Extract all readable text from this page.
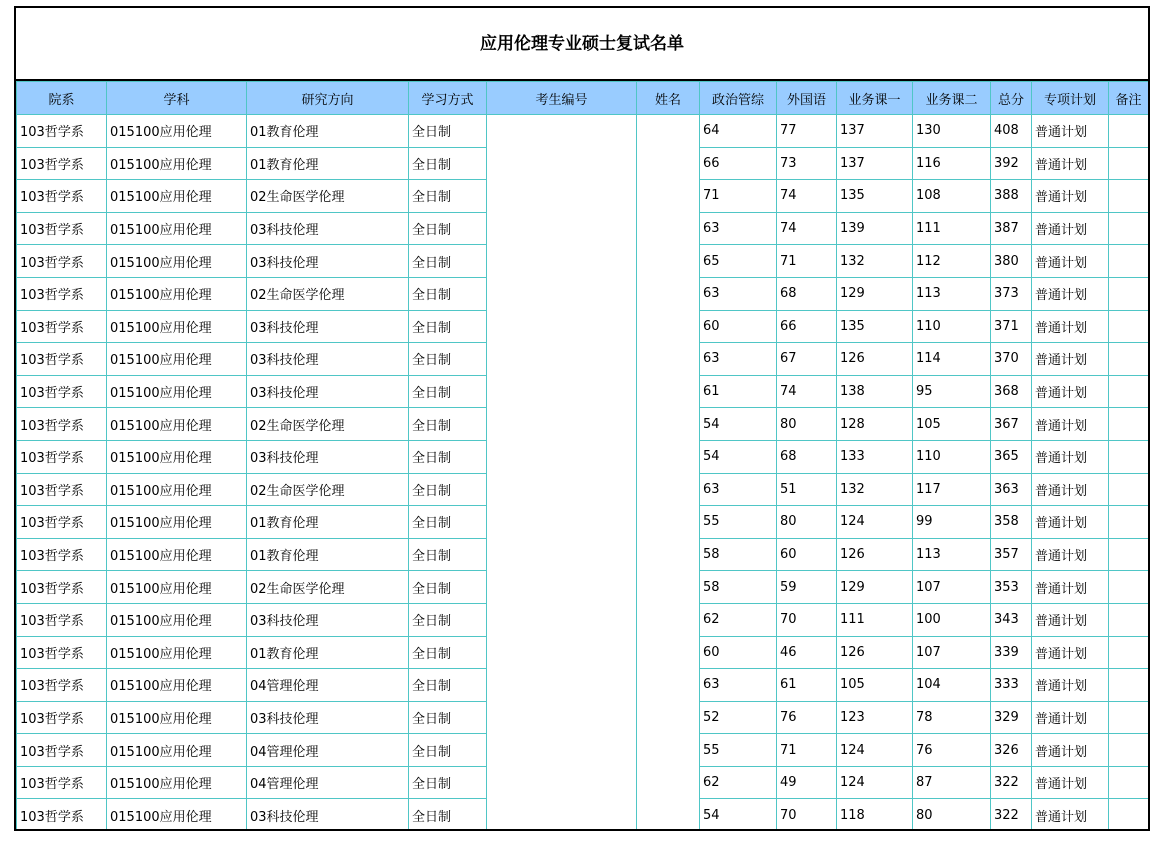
应用伦理专业硕士复试名单
院系	学科	研究方向	学习方式	考生编号	姓名	政治管综	外国语	业务课一	业务课二	总分	专项计划	备注
103哲学系	015100应用伦理	01教育伦理	全日制			64	77	137	130	408	普通计划	
103哲学系	015100应用伦理	01教育伦理	全日制			66	73	137	116	392	普通计划	
103哲学系	015100应用伦理	02生命医学伦理	全日制			71	74	135	108	388	普通计划	
103哲学系	015100应用伦理	03科技伦理	全日制			63	74	139	111	387	普通计划	
103哲学系	015100应用伦理	03科技伦理	全日制			65	71	132	112	380	普通计划	
103哲学系	015100应用伦理	02生命医学伦理	全日制			63	68	129	113	373	普通计划	
103哲学系	015100应用伦理	03科技伦理	全日制			60	66	135	110	371	普通计划	
103哲学系	015100应用伦理	03科技伦理	全日制			63	67	126	114	370	普通计划	
103哲学系	015100应用伦理	03科技伦理	全日制			61	74	138	95	368	普通计划	
103哲学系	015100应用伦理	02生命医学伦理	全日制			54	80	128	105	367	普通计划	
103哲学系	015100应用伦理	03科技伦理	全日制			54	68	133	110	365	普通计划	
103哲学系	015100应用伦理	02生命医学伦理	全日制			63	51	132	117	363	普通计划	
103哲学系	015100应用伦理	01教育伦理	全日制			55	80	124	99	358	普通计划	
103哲学系	015100应用伦理	01教育伦理	全日制			58	60	126	113	357	普通计划	
103哲学系	015100应用伦理	02生命医学伦理	全日制			58	59	129	107	353	普通计划	
103哲学系	015100应用伦理	03科技伦理	全日制			62	70	111	100	343	普通计划	
103哲学系	015100应用伦理	01教育伦理	全日制			60	46	126	107	339	普通计划	
103哲学系	015100应用伦理	04管理伦理	全日制			63	61	105	104	333	普通计划	
103哲学系	015100应用伦理	03科技伦理	全日制			52	76	123	78	329	普通计划	
103哲学系	015100应用伦理	04管理伦理	全日制			55	71	124	76	326	普通计划	
103哲学系	015100应用伦理	04管理伦理	全日制			62	49	124	87	322	普通计划	
103哲学系	015100应用伦理	03科技伦理	全日制			54	70	118	80	322	普通计划	
